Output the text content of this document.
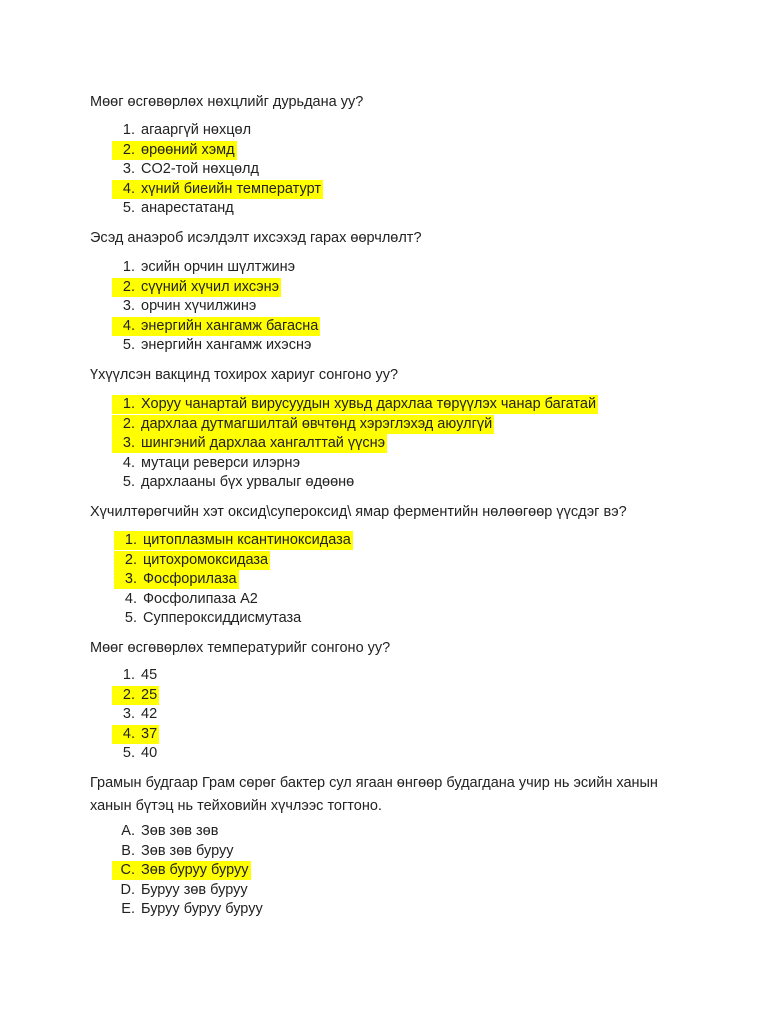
Мөөг өсгөвөрлөх нөхцлийг дурьдана уу?

1. агааргүй нөхцөл
2. өрөөний хэмд
3. CO2-той нөхцөлд
4. хүний биеийн температурт
5. анарестатанд

Эсэд анаэроб исэлдэлт ихсэхэд гарах өөрчлөлт?

1. эсийн орчин шүлтжинэ
2. сүүний хүчил ихсэнэ
3. орчин хүчилжинэ
4. энергийн хангамж багасна
5. энергийн хангамж ихэснэ

Үхүүлсэн вакцинд тохирох хариуг сонгоно уу?

1. Хоруу чанартай вирусуудын хувьд дархлаа төрүүлэх чанар багатай
2. дархлаа дутмагшилтай өвчтөнд хэрэглэхэд аюулгүй
3. шингэний дархлаа хангалттай үүснэ
4. мутаци реверси илэрнэ
5. дархлааны бүх урвалыг өдөөнө

Хүчилтөрөгчийн хэт оксид\супероксид\ ямар ферментийн нөлөөгөөр үүсдэг вэ?

1. цитоплазмын ксантиноксидаза
2. цитохромоксидаза
3. Фосфорилаза
4. Фосфолипаза А2
5. Суппероксиддисмутаза

Мөөг өсгөвөрлөх температурийг сонгоно уу?

1. 45
2. 25
3. 42
4. 37
5. 40

Грамын будгаар Грам сөрөг бактер сул ягаан өнгөөр будагдана учир нь эсийн ханын ханын бүтэц нь тейховийн хүчлээс тогтоно.

A. Зөв зөв зөв
B. Зөв зөв буруу
C. Зөв буруу буруу
D. Буруу зөв буруу
E. Буруу буруу буруу
